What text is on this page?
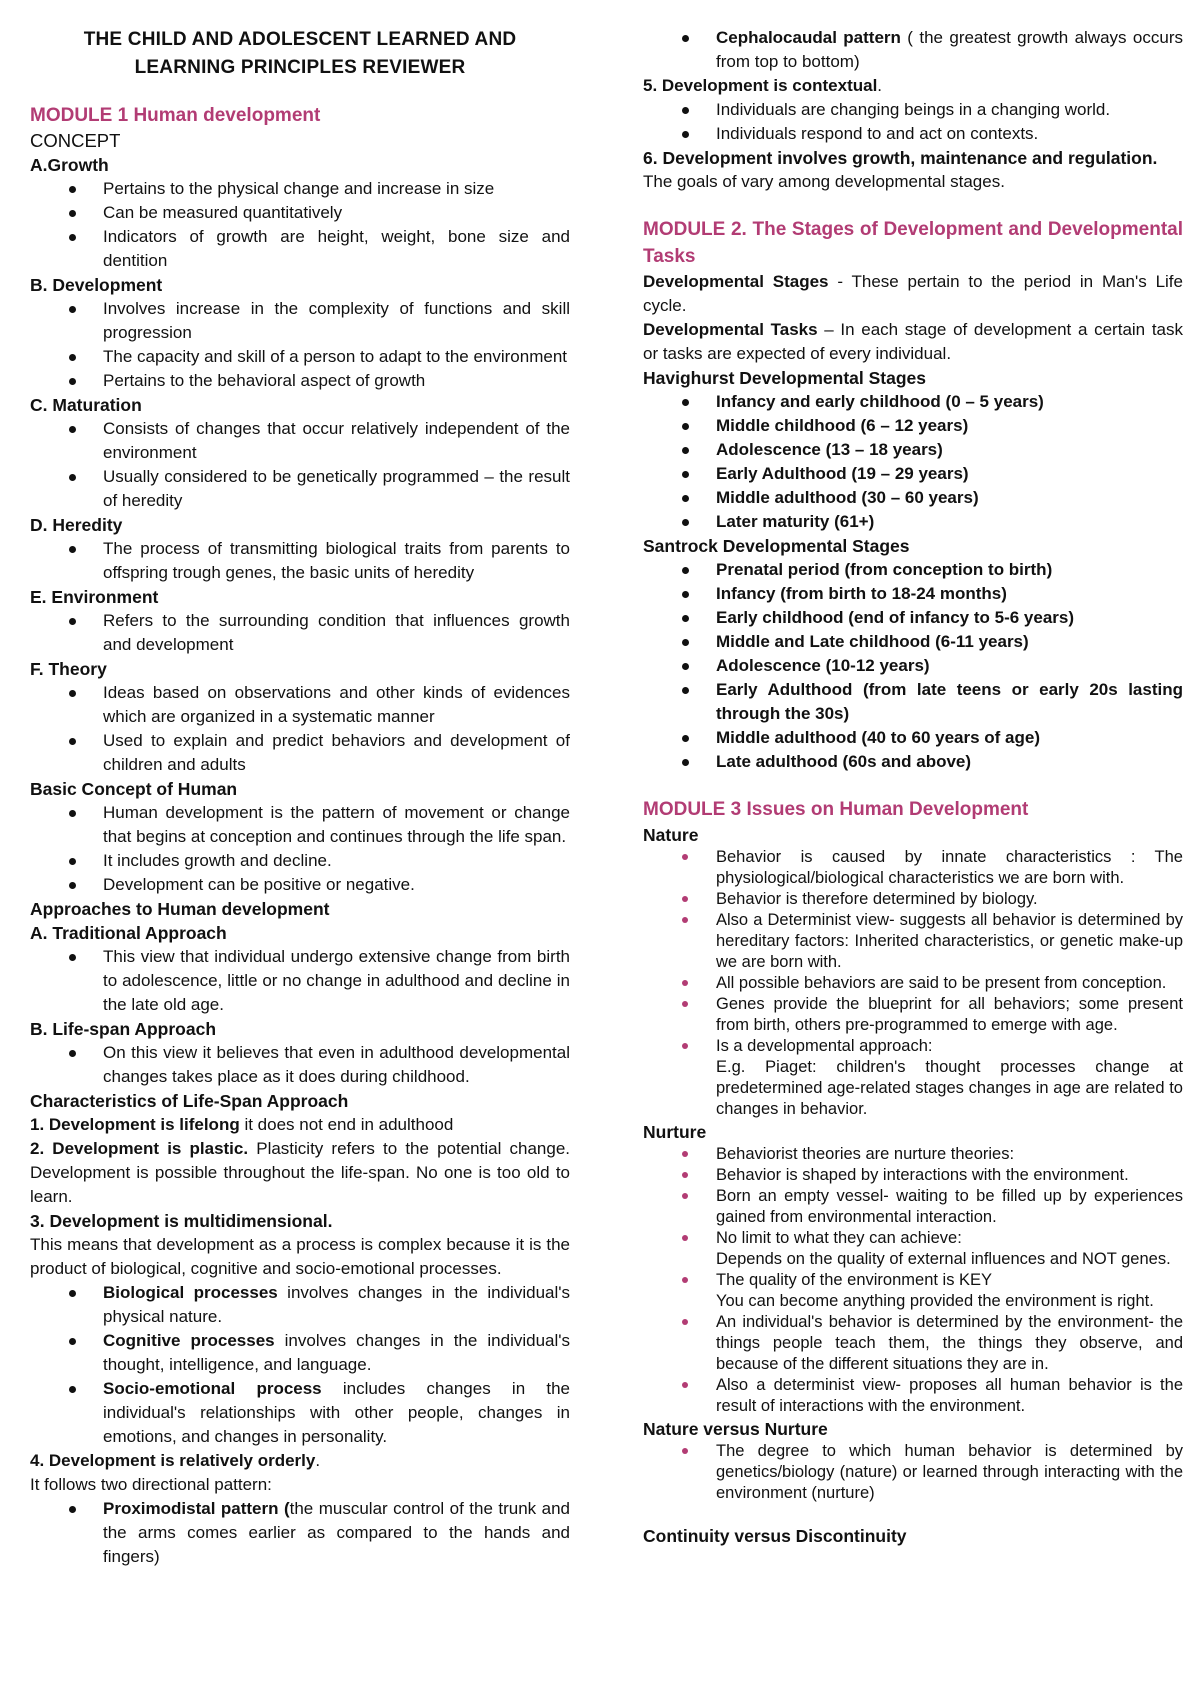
THE CHILD AND ADOLESCENT LEARNED AND
LEARNING PRINCIPLES REVIEWER
MODULE 1 Human development
CONCEPT
A.Growth
Pertains to the physical change and increase in size
Can be measured quantitatively
Indicators of growth are height, weight, bone size and dentition
B. Development
Involves increase in the complexity of functions and skill progression
The capacity and skill of a person to adapt to the environment
Pertains to the behavioral aspect of growth
C. Maturation
Consists of changes that occur relatively independent of the environment
Usually considered to be genetically programmed – the result of heredity
D. Heredity
The process of transmitting biological traits from parents to offspring trough genes, the basic units of heredity
E. Environment
Refers to the surrounding condition that influences growth and development
F. Theory
Ideas based on observations and other kinds of evidences which are organized in a systematic manner
Used to explain and predict behaviors and development of children and adults
Basic Concept of Human
Human development is the pattern of movement or change that begins at conception and continues through the life span.
It includes growth and decline.
Development can be positive or negative.
Approaches to Human development
A. Traditional Approach
This view that individual undergo extensive change from birth to adolescence, little or no change in adulthood and decline in the late old age.
B. Life-span Approach
On this view it believes that even in adulthood developmental changes takes place as it does during childhood.
Characteristics of Life-Span Approach
1. Development is lifelong it does not end in adulthood
2. Development is plastic. Plasticity refers to the potential change. Development is possible throughout the life-span. No one is too old to learn.
3. Development is multidimensional.
This means that development as a process is complex because it is the product of biological, cognitive and socio-emotional processes.
Biological processes involves changes in the individual's physical nature.
Cognitive processes involves changes in the individual's thought, intelligence, and language.
Socio-emotional process includes changes in the individual's relationships with other people, changes in emotions, and changes in personality.
4. Development is relatively orderly.
It follows two directional pattern:
Proximodistal pattern (the muscular control of the trunk and the arms comes earlier as compared to the hands and fingers)
Cephalocaudal pattern ( the greatest growth always occurs from top to bottom)
5. Development is contextual.
Individuals are changing beings in a changing world.
Individuals respond to and act on contexts.
6. Development involves growth, maintenance and regulation.
The goals of vary among developmental stages.
MODULE 2. The Stages of Development and Developmental Tasks
Developmental Stages - These pertain to the period in Man's Life cycle.
Developmental Tasks – In each stage of development a certain task or tasks are expected of every individual.
Havighurst Developmental Stages
Infancy and early childhood (0 – 5 years)
Middle childhood (6 – 12 years)
Adolescence (13 – 18 years)
Early Adulthood (19 – 29 years)
Middle adulthood (30 – 60 years)
Later maturity (61+)
Santrock Developmental Stages
Prenatal period (from conception to birth)
Infancy (from birth to 18-24 months)
Early childhood (end of infancy to 5-6 years)
Middle and Late childhood (6-11 years)
Adolescence (10-12 years)
Early Adulthood (from late teens or early 20s lasting through the 30s)
Middle adulthood (40 to 60 years of age)
Late adulthood (60s and above)
MODULE 3 Issues on Human Development
Nature
Behavior is caused by innate characteristics : The physiological/biological characteristics we are born with.
Behavior is therefore determined by biology.
Also a Determinist view- suggests all behavior is determined by hereditary factors: Inherited characteristics, or genetic make-up we are born with.
All possible behaviors are said to be present from conception.
Genes provide the blueprint for all behaviors; some present from birth, others pre-programmed to emerge with age.
Is a developmental approach:
E.g. Piaget: children's thought processes change at predetermined age-related stages changes in age are related to changes in behavior.
Nurture
Behaviorist theories are nurture theories:
Behavior is shaped by interactions with the environment.
Born an empty vessel- waiting to be filled up by experiences gained from environmental interaction.
No limit to what they can achieve:
Depends on the quality of external influences and NOT genes.
The quality of the environment is KEY
You can become anything provided the environment is right.
An individual's behavior is determined by the environment- the things people teach them, the things they observe, and because of the different situations they are in.
Also a determinist view- proposes all human behavior is the result of interactions with the environment.
Nature versus Nurture
The degree to which human behavior is determined by genetics/biology (nature) or learned through interacting with the environment (nurture)
Continuity versus Discontinuity
